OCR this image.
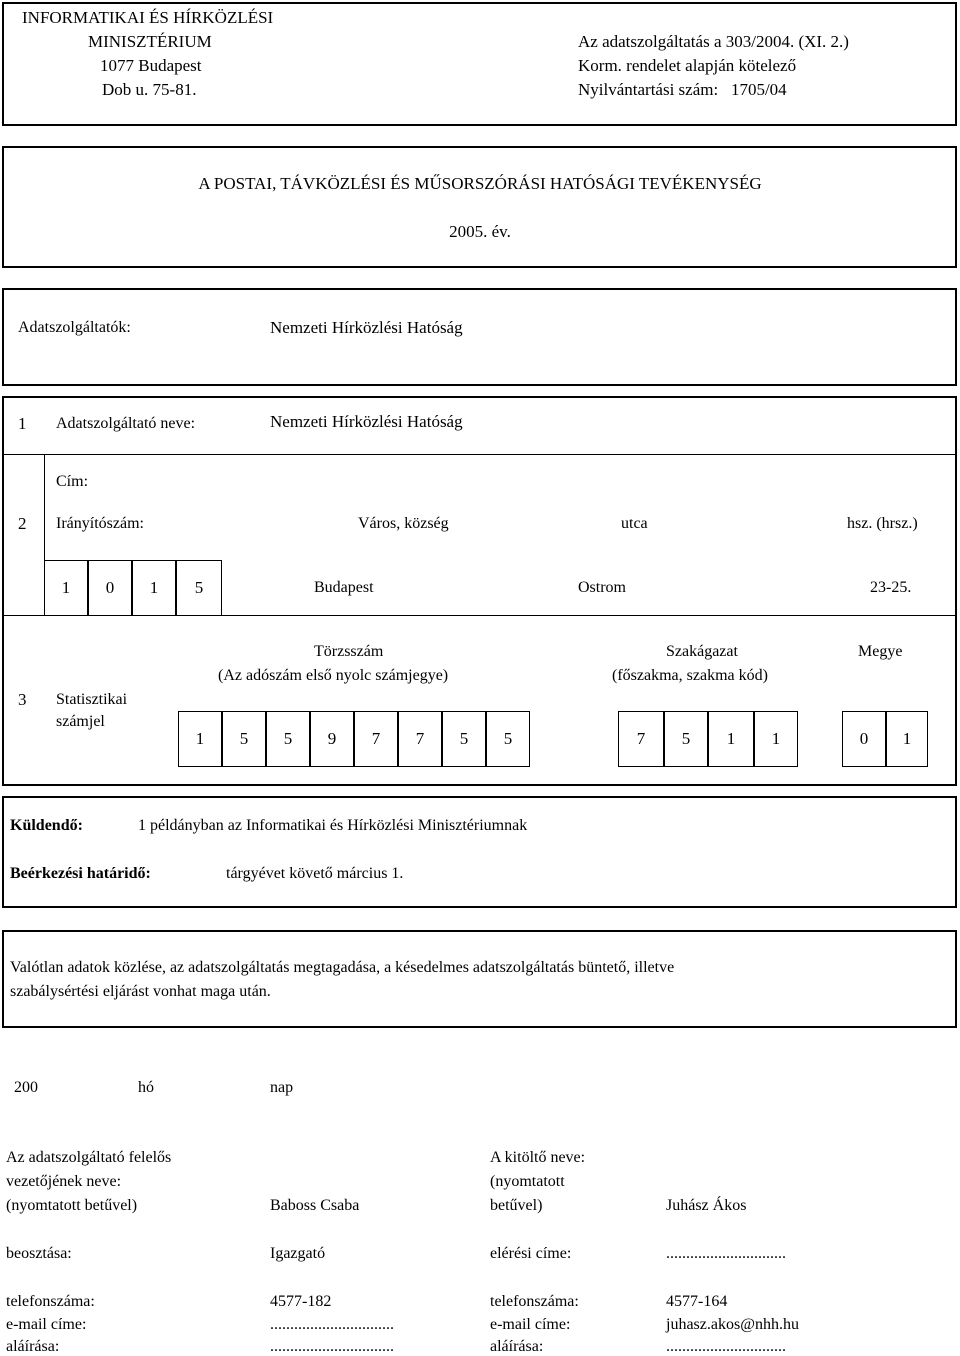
INFORMATIKAI ÉS HÍRKÖZLÉSI
MINISZTÉRIUM
1077 Budapest
Dob u. 75-81.
Az adatszolgáltatás a 303/2004. (XI. 2.)
Korm. rendelet alapján kötelező
Nyilvántartási szám:   1705/04
A POSTAI, TÁVKÖZLÉSI ÉS MŰSORSZÓRÁSI HATÓSÁGI TEVÉKENYSÉG
2005. év.
Adatszolgáltatók:	Nemzeti Hírközlési Hatóság
1 Adatszolgáltató neve:	Nemzeti Hírközlési Hatóság
Cím:
2 Irányítószám:	Város, község	utca	hsz. (hrsz.)
1	0	1	5	Budapest	Ostrom	23-25.
3 Statisztikai
számjel
Törzsszám
(Az adószám első nyolc számjegye)
Szakágazat
(főszakma, szakma kód)
Megye
1	5	5	9	7	7	5	5	7	5	1	1	0	1
Küldendő:	1 példányban az Informatikai és Hírközlési Minisztériumnak
Beérkezési határidő:	tárgyévet követő március 1.
Valótlan adatok közlése, az adatszolgáltatás megtagadása, a késedelmes adatszolgáltatás büntető, illetve
szabálysértési eljárást vonhat maga után.
200	hó	nap
Az adatszolgáltató felelős
vezetőjének neve:
(nyomtatott betűvel)	Baboss Csaba
beosztása:	Igazgató
telefonszáma:	4577-182
e-mail címe:	...............................
aláírása:	...............................
A kitöltő neve:
(nyomtatott
betűvel)	Juhász Ákos
elérési címe:	..............................
telefonszáma:	4577-164
e-mail címe:	juhasz.akos@nhh.hu
aláírása:	..............................
